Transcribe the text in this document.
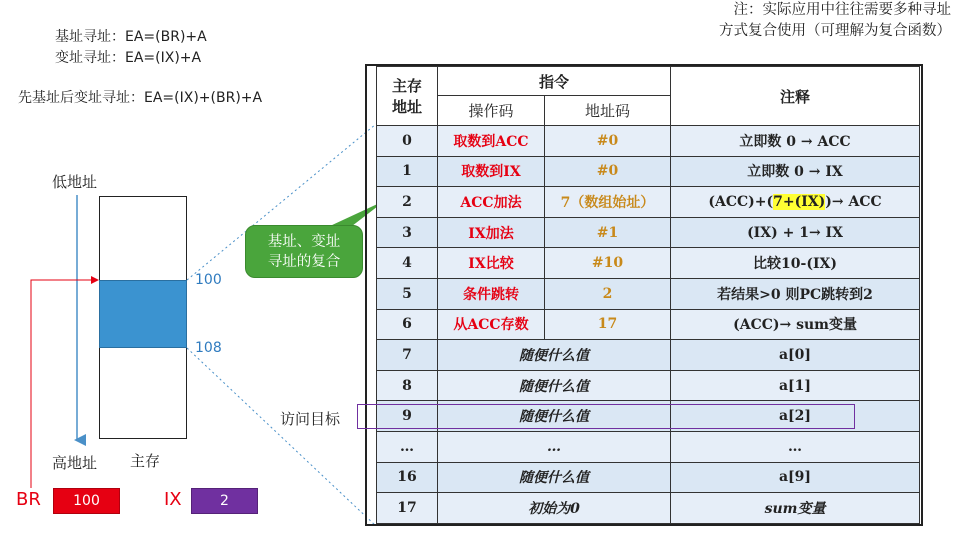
基址寻址：EA=(BR)+A
变址寻址：EA=(IX)+A
先基址后变址寻址：EA=(IX)+(BR)+A
注：实际应用中往往需要多种寻址
方式复合使用（可理解为复合函数）
低地址
高地址 主存
100
108
基址、变址
寻址的复合
BR	100	IX	2
访问目标
主存
地址	指令		注释
	操作码	地址码	
0	取数到ACC	#0	立即数 0 → ACC
1	取数到IX	#0	立即数 0 → IX
2	ACC加法	7（数组始址）	(ACC)+(7+(IX))→ ACC
3	IX加法	#1	(IX) + 1→ IX
4	IX比较	#10	比较10-(IX)
5	条件跳转	2	若结果>0 则PC跳转到2
6	从ACC存数	17	(ACC)→ sum变量
7	随便什么值		a[0]
8	随便什么值		a[1]
9	随便什么值		a[2]
…	…		…
16	随便什么值		a[9]
17	初始为0		sum变量
